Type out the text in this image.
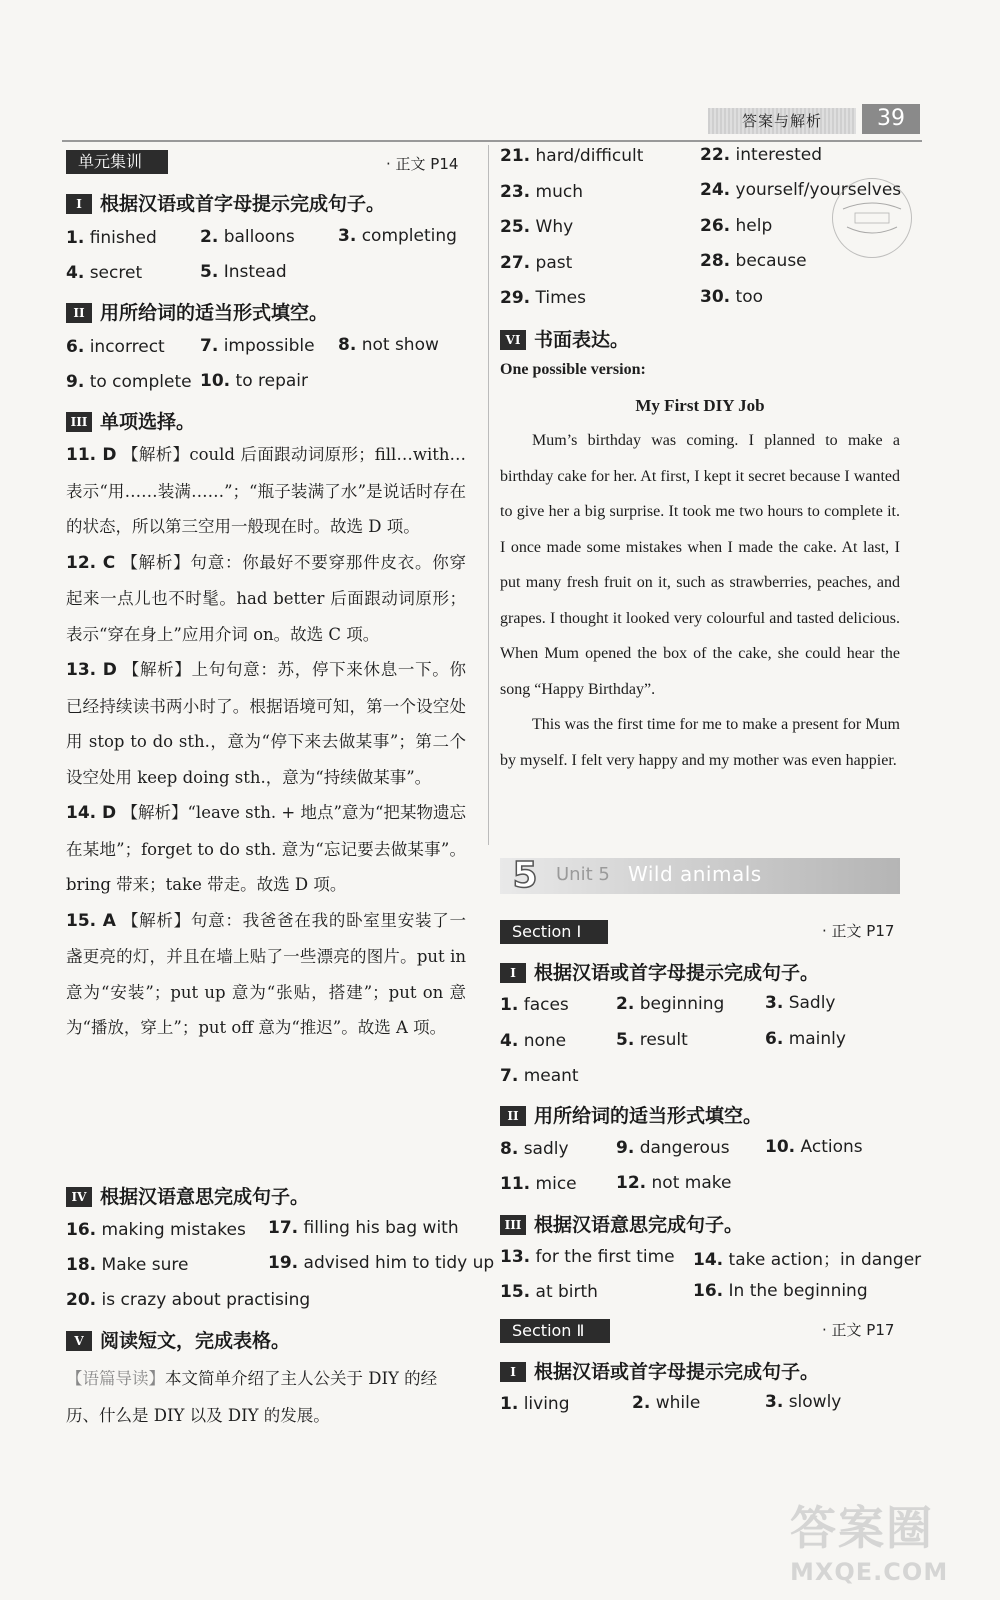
答案与解析	39
单元集训	· 正文 P14
I 根据汉语或首字母提示完成句子。
1. finished	2. balloons	3. completing
4. secret	5. Instead
II 用所给词的适当形式填空。
6. incorrect 7. impossible 8. not show
9. to complete 10. to repair
III 单项选择。
11. D 【解析】could 后面跟动词原形；fill…with…表示“用……装满……”；“瓶子装满了水”是说话时存在的状态，所以第三空用一般现在时。故选 D 项。
12. C 【解析】句意：你最好不要穿那件皮衣。你穿起来一点儿也不时髦。had better 后面跟动词原形；表示“穿在身上”应用介词 on。故选 C 项。
13. D 【解析】上句句意：苏，停下来休息一下。你已经持续读书两小时了。根据语境可知，第一个设空处用 stop to do sth.，意为“停下来去做某事”；第二个设空处用 keep doing sth.，意为“持续做某事”。
14. D 【解析】“leave sth. + 地点”意为“把某物遗忘在某地”；forget to do sth. 意为“忘记要去做某事”。bring 带来；take 带走。故选 D 项。
15. A 【解析】句意：我爸爸在我的卧室里安装了一盏更亮的灯，并且在墙上贴了一些漂亮的图片。put in 意为“安装”；put up 意为“张贴，搭建”；put on 意为“播放，穿上”；put off 意为“推迟”。故选 A 项。
IV 根据汉语意思完成句子。
16. making mistakes 17. filling his bag with
18. Make sure	19. advised him to tidy up
20. is crazy about practising
V 阅读短文，完成表格。
【语篇导读】本文简单介绍了主人公关于 DIY 的经历、什么是 DIY 以及 DIY 的发展。
21. hard/difficult	22. interested
23. much	24. yourself/yourselves
25. Why	26. help
27. past	28. because
29. Times	30. too
VI 书面表达。
One possible version:
My First DIY Job

Mum’s birthday was coming. I planned to make a birthday cake for her. At first, I kept it secret because I wanted to give her a big surprise. It took me two hours to complete it. I once made some mistakes when I made the cake. At last, I put many fresh fruit on it, such as strawberries, peaches, and grapes. I thought it looked very colourful and tasted delicious. When Mum opened the box of the cake, she could hear the song “Happy Birthday”.

This was the first time for me to make a present for Mum by myself. I felt very happy and my mother was even happier.

5	Unit 5 Wild animals
Section Ⅰ	· 正文 P17
I 根据汉语或首字母提示完成句子。
1. faces	2. beginning 3. Sadly
4. none	5. result	6. mainly
7. meant
II 用所给词的适当形式填空。
8. sadly	9. dangerous 10. Actions
11. mice 12. not make
III 根据汉语意思完成句子。
13. for the first time 14. take action；in danger
15. at birth	16. In the beginning
Section Ⅱ	· 正文 P17
I 根据汉语或首字母提示完成句子。
1. living	2. while	3. slowly
答案圈
MXQE.COM
